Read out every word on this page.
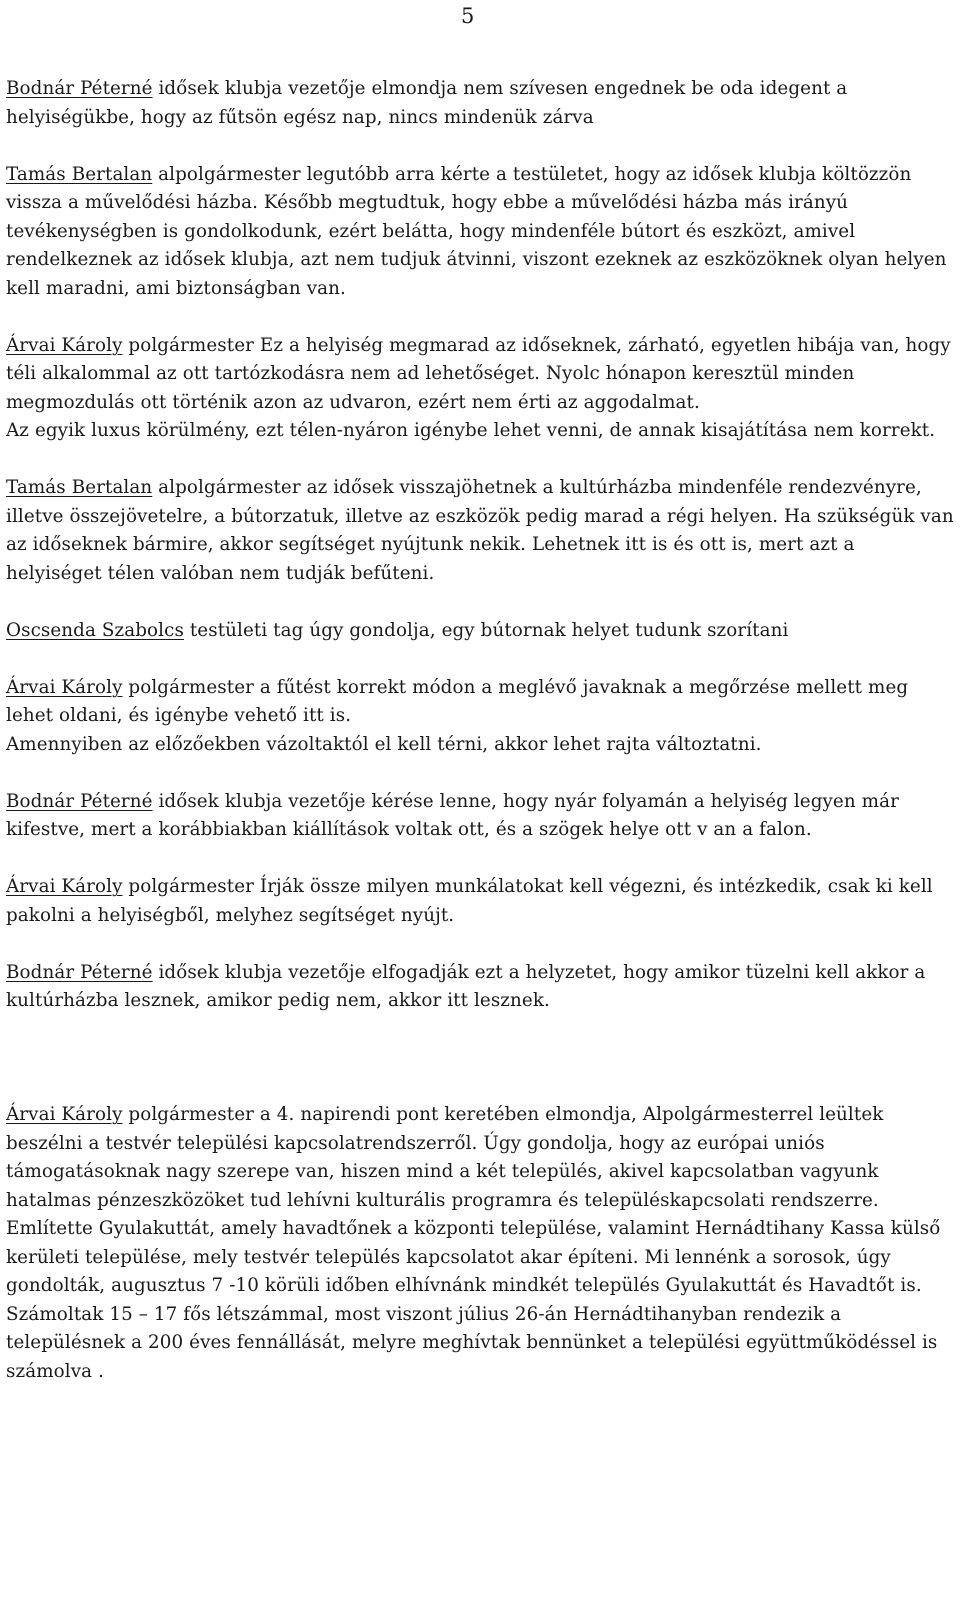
5

Bodnár Péterné idősek klubja vezetője elmondja nem szívesen engednek be oda idegent a helyiségükbe, hogy az fűtsön egész nap, nincs mindenük zárva

Tamás Bertalan alpolgármester legutóbb arra kérte a testületet, hogy az idősek klubja költözzön vissza a művelődési házba. Később megtudtuk, hogy ebbe a művelődési házba más irányú tevékenységben is gondolkodunk, ezért belátta, hogy mindenféle bútort és eszközt, amivel rendelkeznek az idősek klubja, azt nem tudjuk átvinni, viszont ezeknek az eszközöknek olyan helyen kell maradni, ami biztonságban van.

Árvai Károly polgármester Ez a helyiség megmarad az időseknek, zárható, egyetlen hibája van, hogy téli alkalommal az ott tartózkodásra nem ad lehetőséget. Nyolc hónapon keresztül minden megmozdulás ott történik azon az udvaron, ezért nem érti az aggodalmat.

Az egyik luxus körülmény, ezt télen-nyáron igénybe lehet venni, de annak kisajátítása nem korrekt.

Tamás Bertalan alpolgármester az idősek visszajöhetnek a kultúrházba mindenféle rendezvényre, illetve összejövetelre, a bútorzatuk, illetve az eszközök pedig marad a régi helyen. Ha szükségük van az időseknek bármire, akkor segítséget nyújtunk nekik. Lehetnek itt is és ott is, mert azt a helyiséget télen valóban nem tudják befűteni.

Oscsenda Szabolcs testületi tag úgy gondolja, egy bútornak helyet tudunk szorítani

Árvai Károly polgármester a fűtést korrekt módon a meglévő javaknak a megőrzése mellett meg lehet oldani, és igénybe vehető itt is.

Amennyiben az előzőekben vázoltaktól el kell térni, akkor lehet rajta változtatni.

Bodnár Péterné idősek klubja vezetője kérése lenne, hogy nyár folyamán a helyiség legyen már kifestve, mert a korábbiakban kiállítások voltak ott, és a szögek helye ott v an a falon.

Árvai Károly polgármester Írják össze milyen munkálatokat kell végezni, és intézkedik, csak ki kell pakolni a helyiségből, melyhez segítséget nyújt.

Bodnár Péterné idősek klubja vezetője elfogadják ezt a helyzetet, hogy amikor tüzelni kell akkor a kultúrházba lesznek, amikor pedig nem, akkor itt lesznek.

Árvai Károly polgármester a 4. napirendi pont keretében elmondja, Alpolgármesterrel leültek beszélni a testvér települési kapcsolatrendszerről. Úgy gondolja, hogy az európai uniós támogatásoknak nagy szerepe van, hiszen mind a két település, akivel kapcsolatban vagyunk hatalmas pénzeszközöket tud lehívni kulturális programra és településkapcsolati rendszerre. Említette Gyulakuttát, amely havadtőnek a központi települése, valamint Hernádtihany Kassa külső kerületi települése, mely testvér település kapcsolatot akar építeni. Mi lennénk a sorosok, úgy gondolták, augusztus 7 -10 körüli időben elhívnánk mindkét település Gyulakuttát és Havadtőt is. Számoltak 15 – 17 fős létszámmal, most viszont július 26-án Hernádtihanyban rendezik a településnek a 200 éves fennállását, melyre meghívtak bennünket a települési együttműködéssel is számolva .
